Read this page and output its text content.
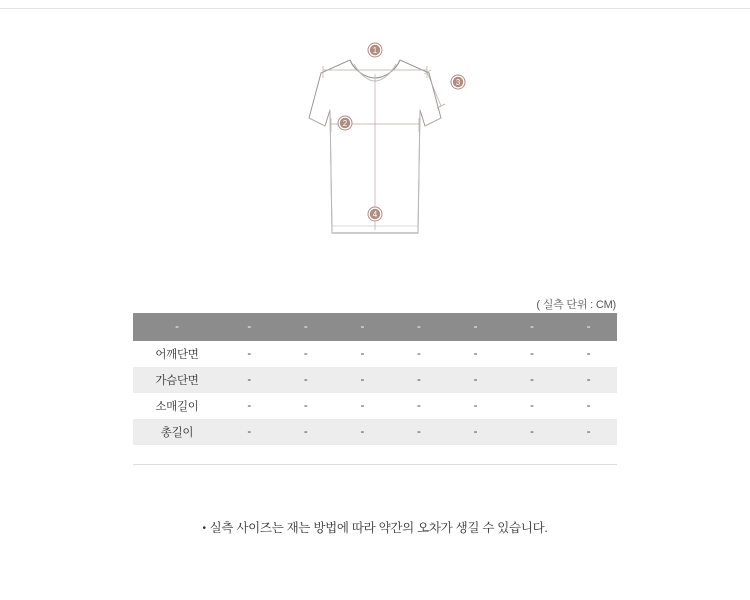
1
3
2
4
( 실측 단위 : CM)
-	-	-	-	-	-	-	-
어깨단면	-	-	-	-	-	-	-
가슴단면	-	-	-	-	-	-	-
소매길이	-	-	-	-	-	-	-
총길이	-	-	-	-	-	-	-
• 실측 사이즈는 재는 방법에 따라 약간의 오차가 생길 수 있습니다.
